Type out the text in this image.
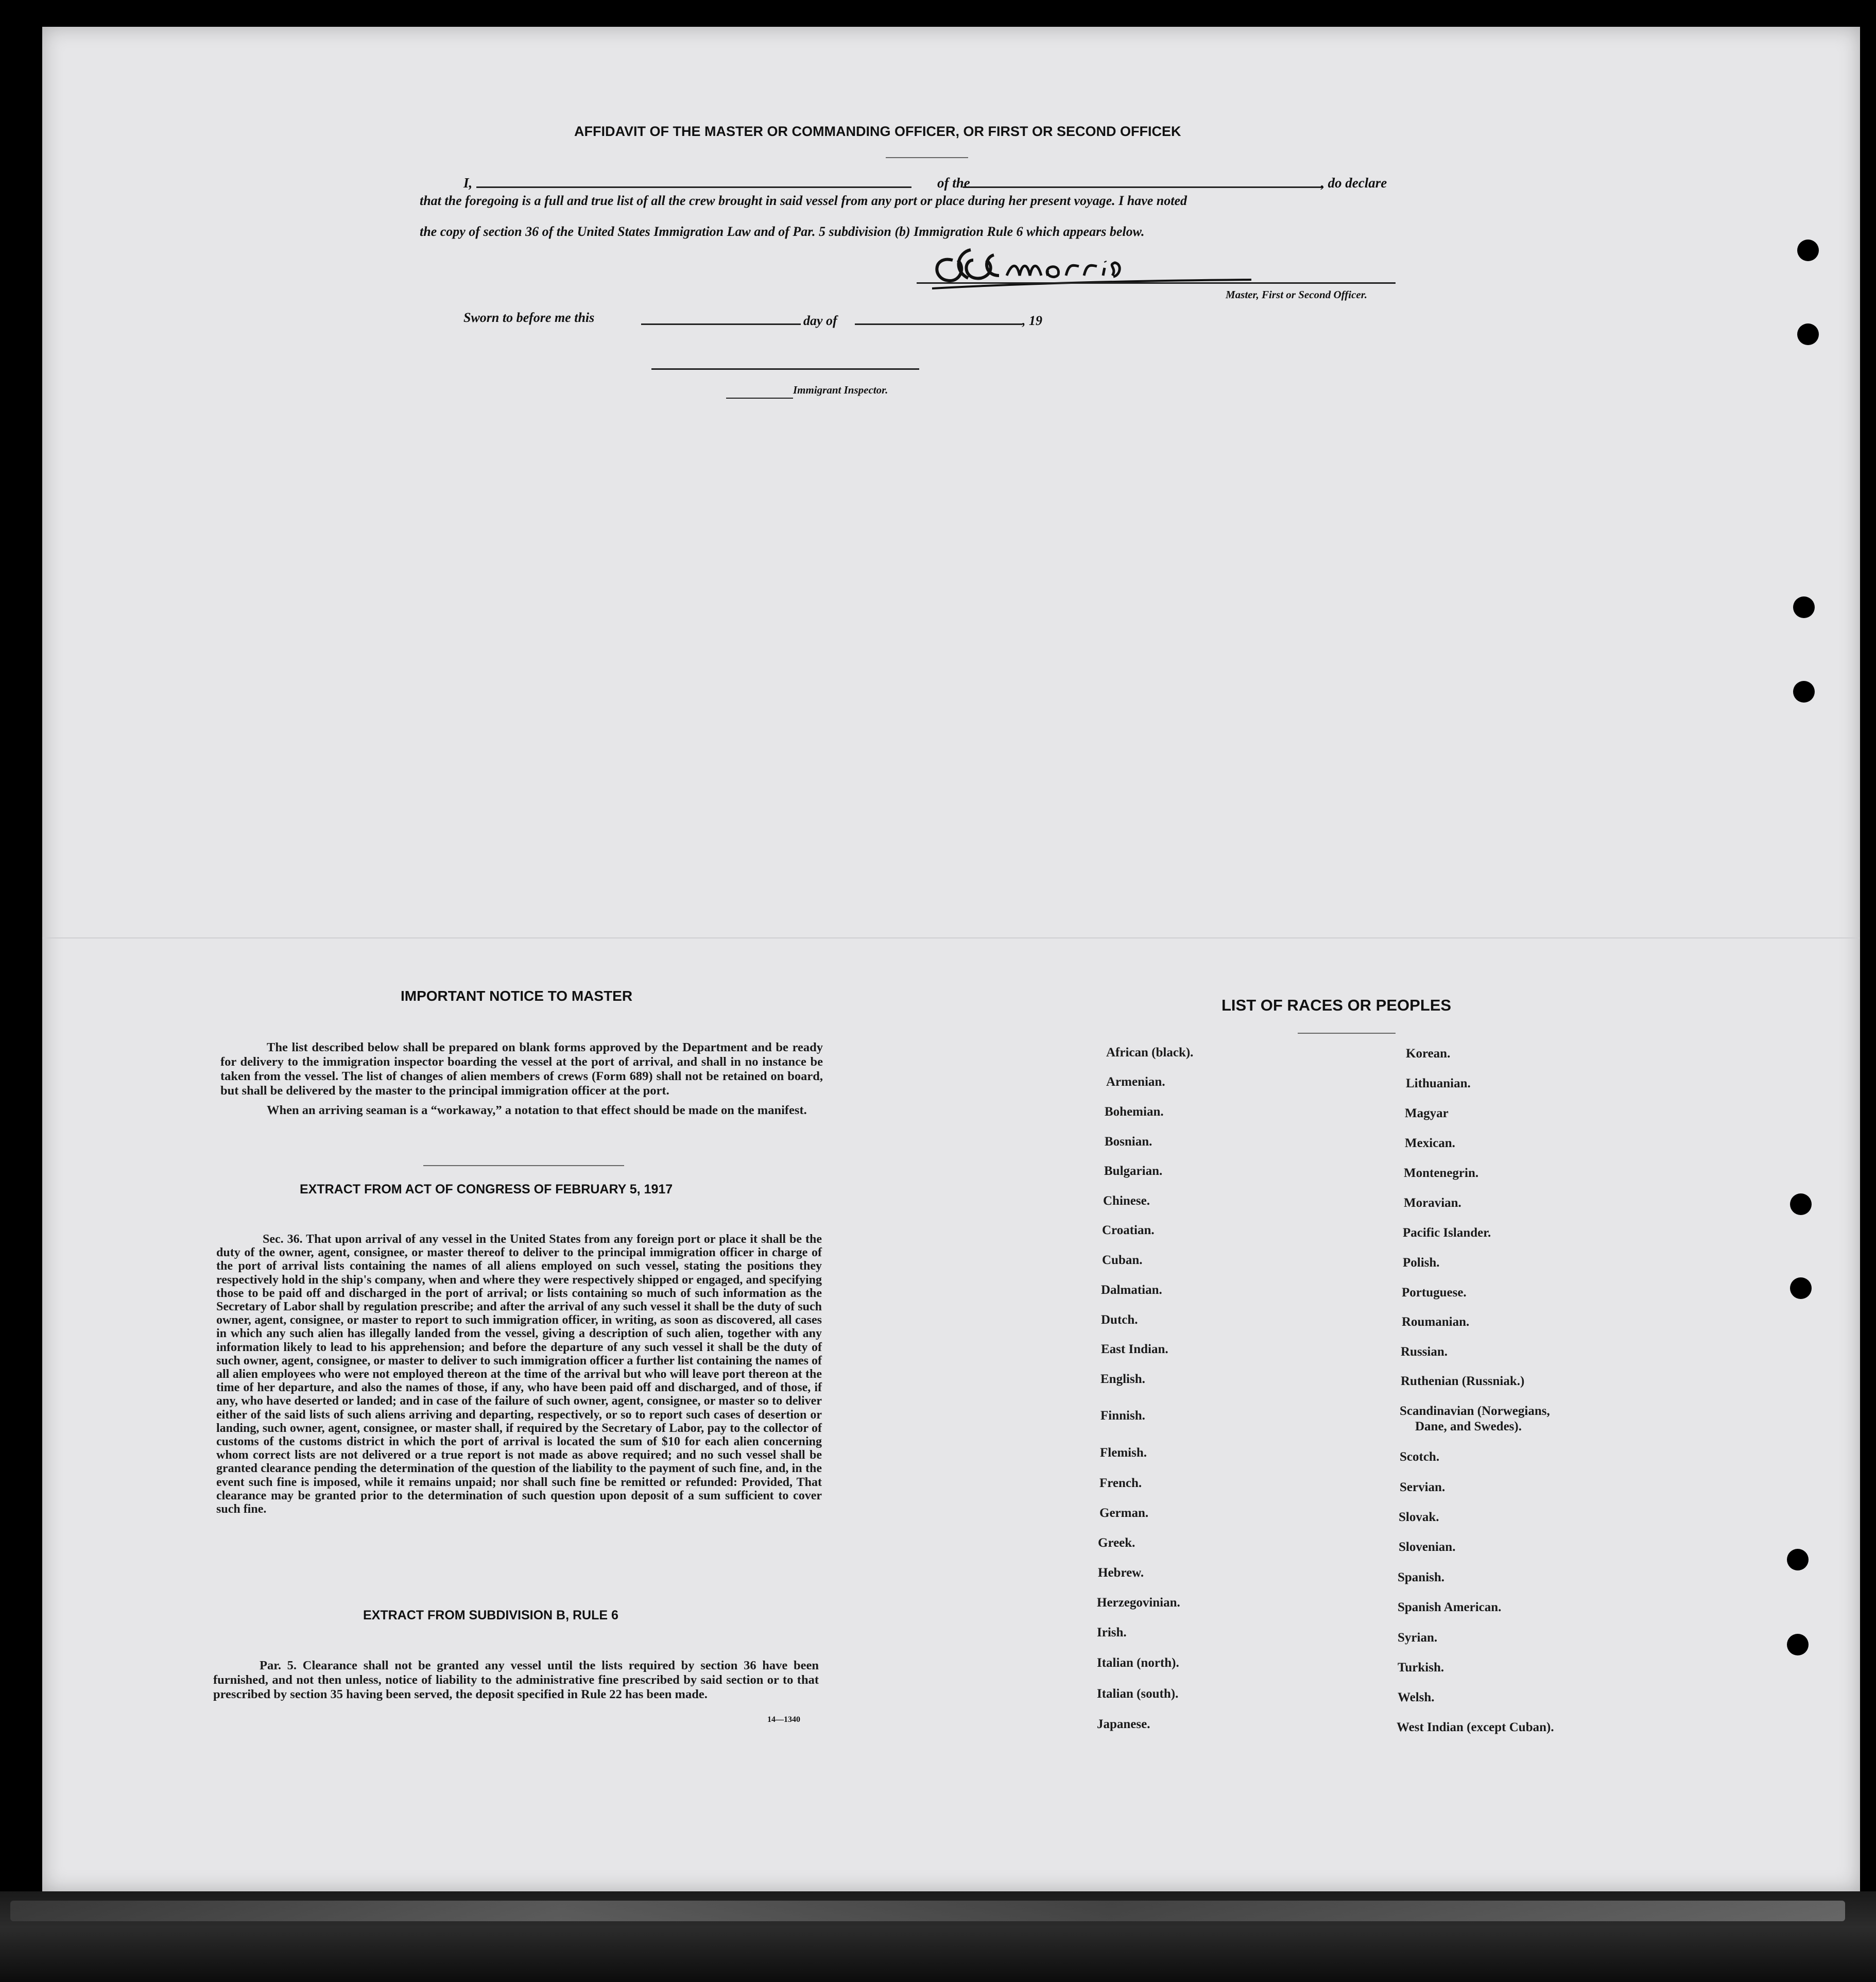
AFFIDAVIT OF THE MASTER OR COMMANDING OFFICER, OR FIRST OR SECOND OFFICEK
I,	of the	, do declare
that the foregoing is a full and true list of all the crew brought in said vessel from any port or place during her present voyage. I have noted
the copy of section 36 of the United States Immigration Law and of Par. 5 subdivision (b) Immigration Rule 6 which appears below.
Master, First or Second Officer.
Sworn to before me this	day of	, 19
Immigrant Inspector.
IMPORTANT NOTICE TO MASTER

The list described below shall be prepared on blank forms approved by the Department and be ready for delivery to the immigration inspector boarding the vessel at the port of arrival, and shall in no instance be taken from the vessel. The list of changes of alien members of crews (Form 689) shall not be retained on board, but shall be delivered by the master to the principal immigration officer at the port.

When an arriving seaman is a “workaway,” a notation to that effect should be made on the manifest.

EXTRACT FROM ACT OF CONGRESS OF FEBRUARY 5, 1917

Sec. 36. That upon arrival of any vessel in the United States from any foreign port or place it shall be the duty of the owner, agent, consignee, or master thereof to deliver to the principal immigration officer in charge of the port of arrival lists containing the names of all aliens employed on such vessel, stating the positions they respectively hold in the ship's company, when and where they were respectively shipped or engaged, and specifying those to be paid off and discharged in the port of arrival; or lists containing so much of such information as the Secretary of Labor shall by regulation prescribe; and after the arrival of any such vessel it shall be the duty of such owner, agent, consignee, or master to report to such immigration officer, in writing, as soon as discovered, all cases in which any such alien has illegally landed from the vessel, giving a description of such alien, together with any information likely to lead to his apprehension; and before the departure of any such vessel it shall be the duty of such owner, agent, consignee, or master to deliver to such immigration officer a further list containing the names of all alien employees who were not employed thereon at the time of the arrival but who will leave port thereon at the time of her departure, and also the names of those, if any, who have been paid off and discharged, and of those, if any, who have deserted or landed; and in case of the failure of such owner, agent, consignee, or master so to deliver either of the said lists of such aliens arriving and departing, respectively, or so to report such cases of desertion or landing, such owner, agent, consignee, or master shall, if required by the Secretary of Labor, pay to the collector of customs of the customs district in which the port of arrival is located the sum of $10 for each alien concerning whom correct lists are not delivered or a true report is not made as above required; and no such vessel shall be granted clearance pending the determination of the question of the liability to the payment of such fine, and, in the event such fine is imposed, while it remains unpaid; nor shall such fine be remitted or refunded: Provided, That clearance may be granted prior to the determination of such question upon deposit of a sum sufficient to cover such fine.

EXTRACT FROM SUBDIVISION B, RULE 6

Par. 5. Clearance shall not be granted any vessel until the lists required by section 36 have been furnished, and not then unless, notice of liability to the administrative fine prescribed by said section or to that prescribed by section 35 having been served, the deposit specified in Rule 22 has been made.

14—1340
LIST OF RACES OR PEOPLES
African (black).
Armenian.
Bohemian.
Bosnian.
Bulgarian.
Chinese.
Croatian.
Cuban.
Dalmatian.
Dutch.
East Indian.
English.
Finnish.
Flemish.
French.
German.
Greek.
Hebrew.
Herzegovinian.
Irish.
Italian (north).
Italian (south).
Japanese.
Korean.
Lithuanian.
Magyar
Mexican.
Montenegrin.
Moravian.
Pacific Islander.
Polish.
Portuguese.
Roumanian.
Russian.
Ruthenian (Russniak.)
Scandinavian (Norwegians,
Dane, and Swedes).
Scotch.
Servian.
Slovak.
Slovenian.
Spanish.
Spanish American.
Syrian.
Turkish.
Welsh.
West Indian (except Cuban).
